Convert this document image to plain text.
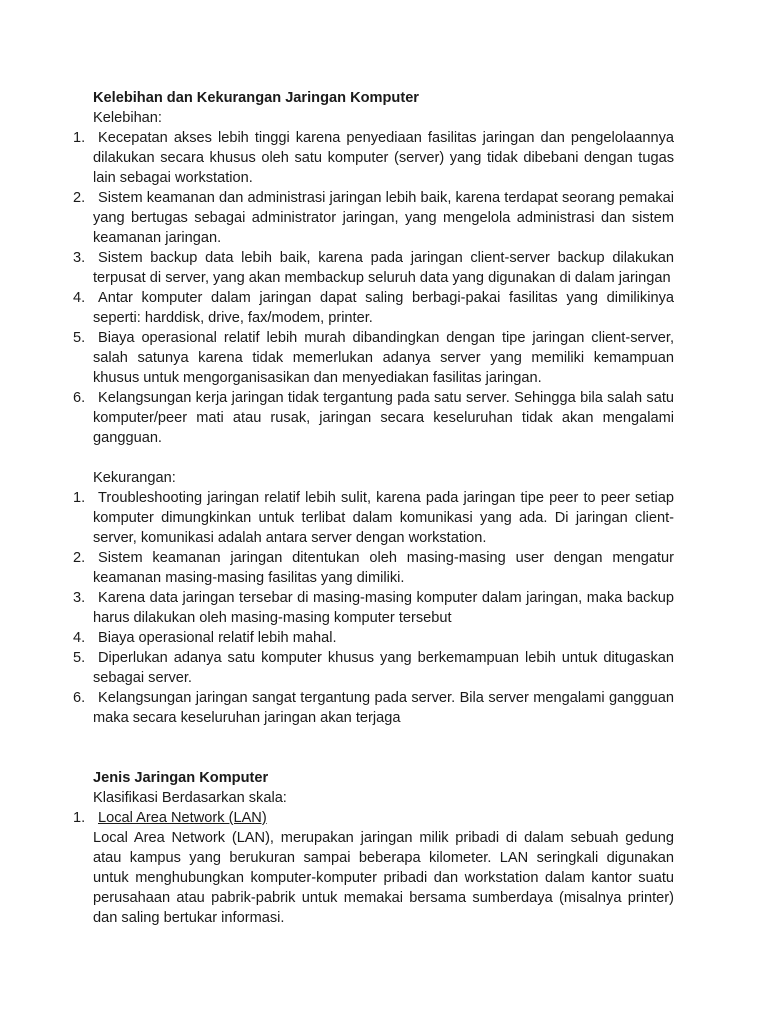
Kelebihan dan Kekurangan Jaringan Komputer

Kelebihan:

1. Kecepatan akses lebih tinggi karena penyediaan fasilitas jaringan dan pengelolaannya dilakukan secara khusus oleh satu komputer (server) yang tidak dibebani dengan tugas lain sebagai workstation.
2. Sistem keamanan dan administrasi jaringan lebih baik, karena terdapat seorang pemakai yang bertugas sebagai administrator jaringan, yang mengelola administrasi dan sistem keamanan jaringan.
3. Sistem backup data lebih baik, karena pada jaringan client-server backup dilakukan terpusat di server, yang akan membackup seluruh data yang digunakan di dalam jaringan
4. Antar komputer dalam jaringan dapat saling berbagi-pakai fasilitas yang dimilikinya seperti: harddisk, drive, fax/modem, printer.
5. Biaya operasional relatif lebih murah dibandingkan dengan tipe jaringan client-server, salah satunya karena tidak memerlukan adanya server yang memiliki kemampuan khusus untuk mengorganisasikan dan menyediakan fasilitas jaringan.
6. Kelangsungan kerja jaringan tidak tergantung pada satu server. Sehingga bila salah satu komputer/peer mati atau rusak, jaringan secara keseluruhan tidak akan mengalami gangguan.

Kekurangan:

1. Troubleshooting jaringan relatif lebih sulit, karena pada jaringan tipe peer to peer setiap komputer dimungkinkan untuk terlibat dalam komunikasi yang ada. Di jaringan client-server, komunikasi adalah antara server dengan workstation.
2. Sistem keamanan jaringan ditentukan oleh masing-masing user dengan mengatur keamanan masing-masing fasilitas yang dimiliki.
3. Karena data jaringan tersebar di masing-masing komputer dalam jaringan, maka backup harus dilakukan oleh masing-masing komputer tersebut
4. Biaya operasional relatif lebih mahal.
5. Diperlukan adanya satu komputer khusus yang berkemampuan lebih untuk ditugaskan sebagai server.
6. Kelangsungan jaringan sangat tergantung pada server. Bila server mengalami gangguan maka secara keseluruhan jaringan akan terjaga

Jenis Jaringan Komputer

Klasifikasi Berdasarkan skala:

1. Local Area Network (LAN)

Local Area Network (LAN), merupakan jaringan milik pribadi di dalam sebuah gedung atau kampus yang berukuran sampai beberapa kilometer. LAN seringkali digunakan untuk menghubungkan komputer-komputer pribadi dan workstation dalam kantor suatu perusahaan atau pabrik-pabrik untuk memakai bersama sumberdaya (misalnya printer) dan saling bertukar informasi.
